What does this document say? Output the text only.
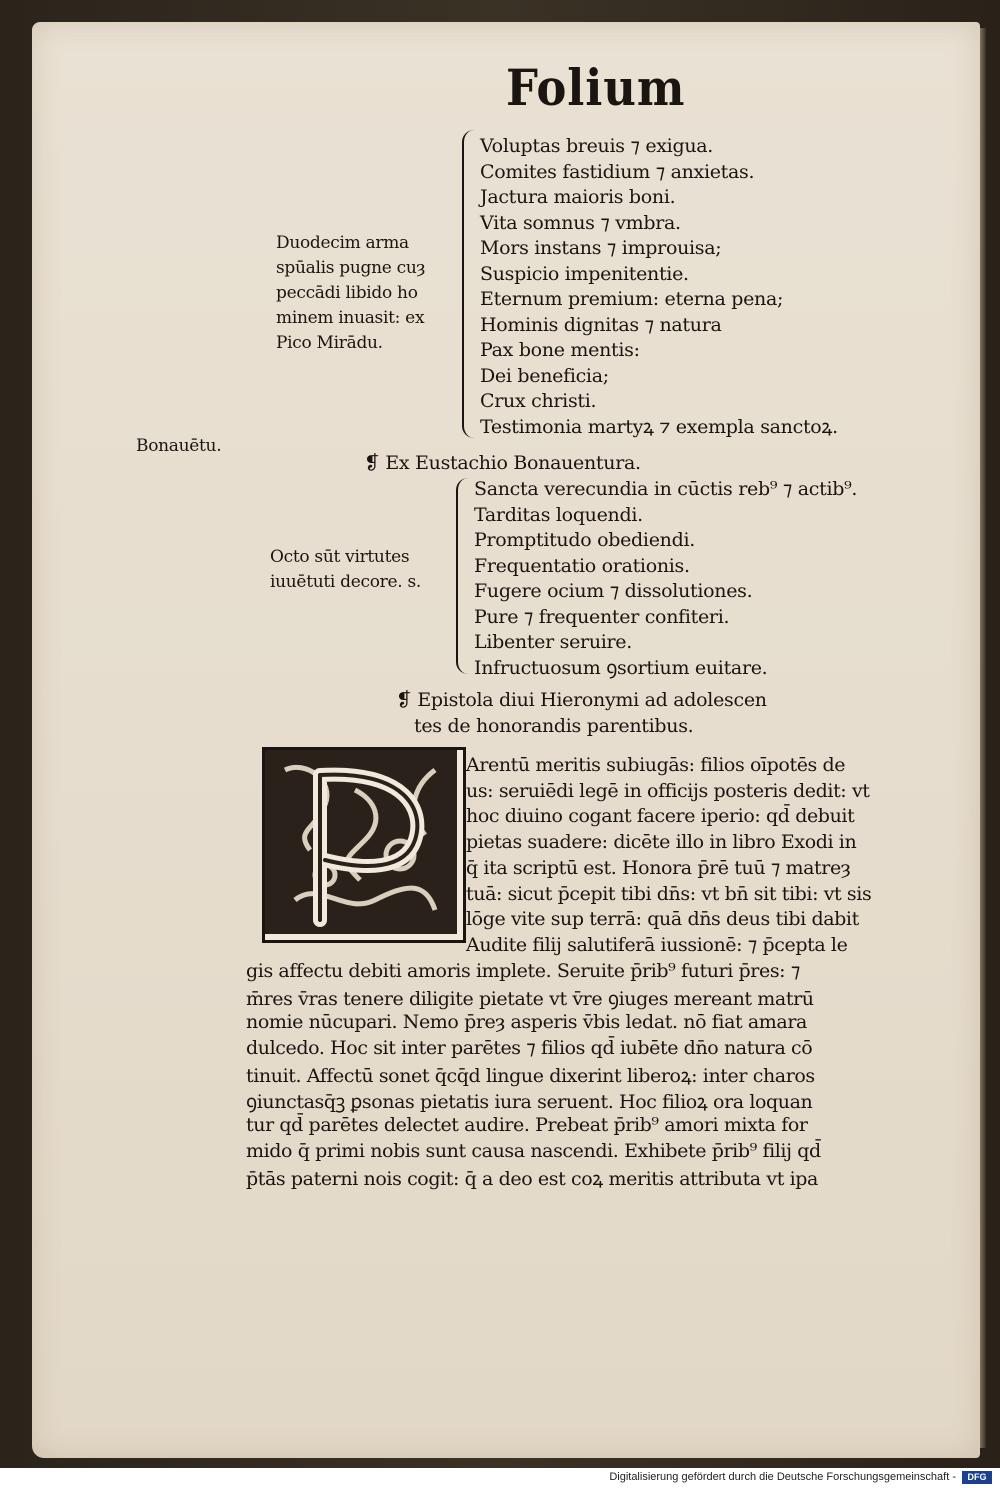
Folium
Duodecim arma
spūalis pugne cuȝ
peccādi libido ho
minem inuasit: ex
Pico Mirādu.
Voluptas breuis ⁊ exigua.
Comites fastidium ⁊ anxietas.
Jactura maioris boni.
Vita somnus ⁊ vmbra.
Mors instans ⁊ improuisa;
Suspicio impenitentie.
Eternum premium: eterna pena;
Hominis dignitas ⁊ natura
Pax bone mentis:
Dei beneficia;
Crux christi.
Testimonia martyꝝ ⁊ exempla sanctoꝝ.
Bonauētu.
❡ Ex Eustachio Bonauentura.
Octo sūt virtutes
iuuētuti decore. s.
Sancta verecundia in cūctis reb⁹ ⁊ actib⁹.
Tarditas loquendi.
Promptitudo obediendi.
Frequentatio orationis.
Fugere ocium ⁊ dissolutiones.
Pure ⁊ frequenter confiteri.
Libenter seruire.
Infructuosum ꝯsortium euitare.
❡ Epistola diui Hieronymi ad adolescen
tes de honorandis parentibus.
Arentū meritis subiugās: filios oīpotēs de
us: seruiēdi legē in officijs posteris dedit: vt
hoc diuino cogant facere iperio: qd̄ debuit
pietas suadere: dicēte illo in libro Exodi in
q̄ ita scriptū est. Honora p̄rē tuū ⁊ matreȝ
tuā: sicut p̄cepit tibi dn̄s: vt bn̄ sit tibi: vt sis
lōge vite sup terrā: quā dn̄s deus tibi dabit
Audite filij salutiferā iussionē: ⁊ p̄cepta le
gis affectu debiti amoris implete. Seruite p̄rib⁹ futuri p̄res: ⁊
m̄res v̄ras tenere diligite pietate vt v̄re ꝯiuges mereant matrū
nomie nūcupari. Nemo p̄reȝ asperis v̄bis ledat. nō fiat amara
dulcedo. Hoc sit inter parētes ⁊ filios qd̄ iubēte dn̄o natura cō
tinuit. Affectū sonet q̄cq̄d lingue dixerint liberoꝝ: inter charos
ꝯiunctasq̄ꝫ ꝑsonas pietatis iura seruent. Hoc filioꝝ ora loquan
tur qd̄ parētes delectet audire. Prebeat p̄rib⁹ amori mixta for
mido q̄ primi nobis sunt causa nascendi. Exhibete p̄rib⁹ filij qd̄
p̄tās paterni nois cogit: q̄ a deo est coꝝ meritis attributa vt ipa
Digitalisierung gefördert durch die Deutsche Forschungsgemeinschaft -	DFG
